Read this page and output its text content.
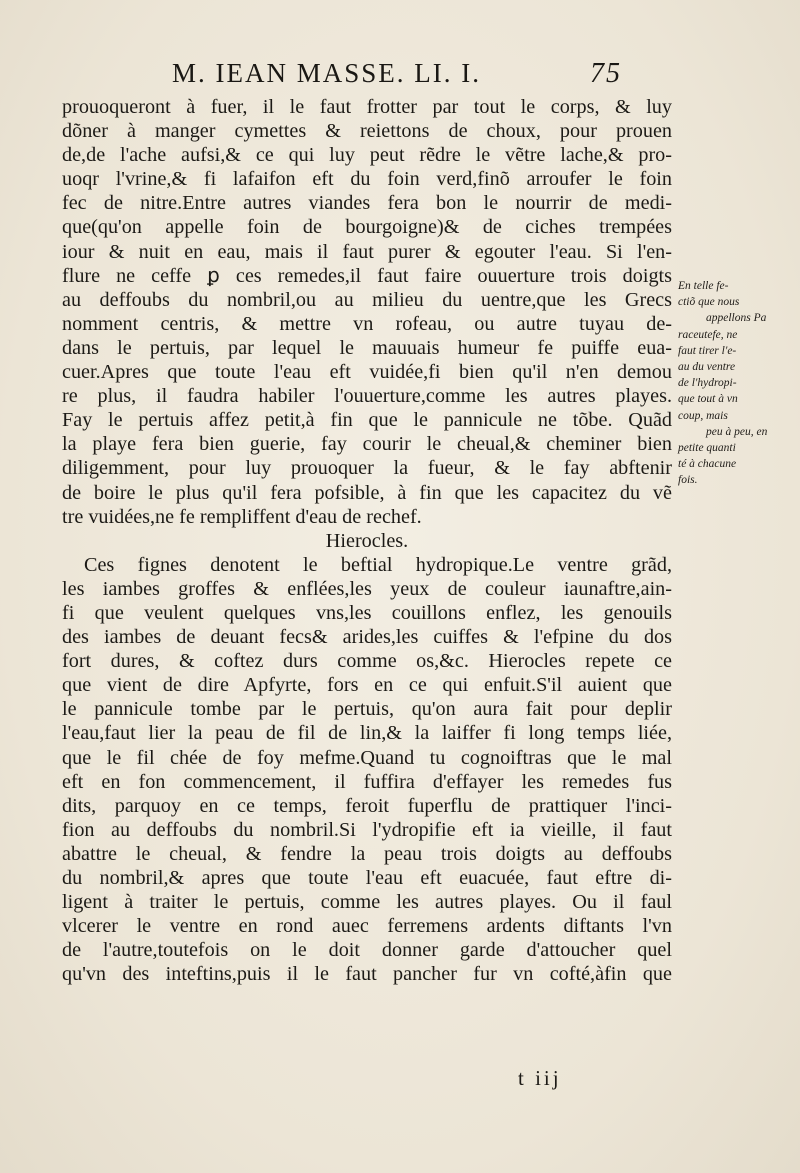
M. IEAN MASSE. LI. I.	75
prouoqueront à fuer, il le faut frotter par tout le corps, & luy
dõner à manger cymettes & reiettons de choux, pour prouen
de,de l'ache aufsi,& ce qui luy peut rẽdre le vẽtre lache,& pro-
uoqr l'vrine,& fi lafaifon eft du foin verd,finõ arroufer le foin
fec de nitre.Entre autres viandes fera bon le nourrir de medi-
que(qu'on appelle foin de bourgoigne)& de ciches trempées
iour & nuit en eau, mais il faut purer & egouter l'eau. Si l'en-
flure ne ceffe ꝑ ces remedes,il faut faire ouuerture trois doigts
au deffoubs du nombril,ou au milieu du uentre,que les Grecs
nomment centris, & mettre vn rofeau, ou autre tuyau de-
dans le pertuis, par lequel le mauuais humeur fe puiffe eua-
cuer.Apres que toute l'eau eft vuidée,fi bien qu'il n'en demou
re plus, il faudra habiler l'ouuerture,comme les autres playes.
Fay le pertuis affez petit,à fin que le pannicule ne tõbe. Quãd
la playe fera bien guerie, fay courir le cheual,& cheminer bien
diligemment, pour luy prouoquer la fueur, & le fay abftenir
de boire le plus qu'il fera pofsible, à fin que les capacitez du vẽ
tre vuidées,ne fe rempliffent d'eau de rechef.
Hierocles.
Ces fignes denotent le beftial hydropique.Le ventre grãd,
les iambes groffes & enflées,les yeux de couleur iaunaftre,ain-
fi que veulent quelques vns,les couillons enflez, les genouils
des iambes de deuant fecs& arides,les cuiffes & l'efpine du dos
fort dures, & coftez durs comme os,&c. Hierocles repete ce
que vient de dire Apfyrte, fors en ce qui enfuit.S'il auient que
le pannicule tombe par le pertuis, qu'on aura fait pour deplir
l'eau,faut lier la peau de fil de lin,& la laiffer fi long temps liée,
que le fil chée de foy mefme.Quand tu cognoiftras que le mal
eft en fon commencement, il fuffira d'effayer les remedes fus
dits, parquoy en ce temps, feroit fuperflu de prattiquer l'inci-
fion au deffoubs du nombril.Si l'ydropifie eft ia vieille, il faut
abattre le cheual, & fendre la peau trois doigts au deffoubs
du nombril,& apres que toute l'eau eft euacuée, faut eftre di-
ligent à traiter le pertuis, comme les autres playes. Ou il faul
vlcerer le ventre en rond auec ferremens ardents diftants l'vn
de l'autre,toutefois on le doit donner garde d'attoucher quel
qu'vn des inteftins,puis il le faut pancher fur vn cofté,àfin que
En telle fe-
ctiõ que nous
appellons Pa
raceutefe, ne
faut tirer l'e-
au du ventre
de l'hydropi-
que tout à vn
coup, mais
peu à peu, en
petite quanti
té à chacune
fois.
t iij
